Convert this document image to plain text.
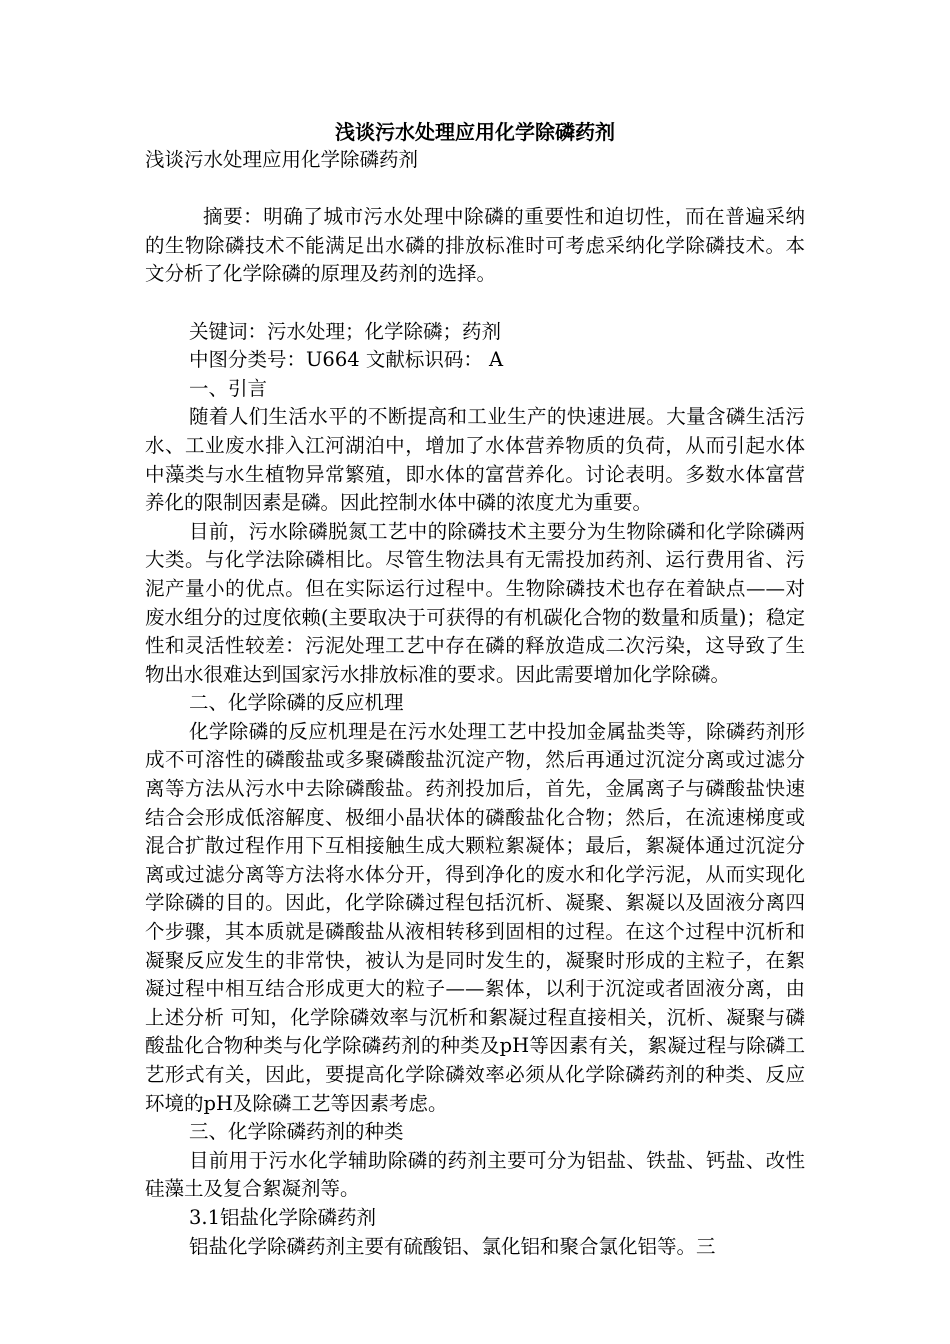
浅谈污水处理应用化学除磷药剂

浅谈污水处理应用化学除磷药剂

摘要：明确了城市污水处理中除磷的重要性和迫切性，而在普遍采纳的生物除磷技术不能满足出水磷的排放标准时可考虑采纳化学除磷技术。本文分析了化学除磷的原理及药剂的选择。

关键词：污水处理；化学除磷；药剂

中图分类号：U664 文献标识码： A

一、引言

随着人们生活水平的不断提高和工业生产的快速进展。大量含磷生活污水、工业废水排入江河湖泊中，增加了水体营养物质的负荷，从而引起水体中藻类与水生植物异常繁殖，即水体的富营养化。讨论表明。多数水体富营养化的限制因素是磷。因此控制水体中磷的浓度尤为重要。

目前，污水除磷脱氮工艺中的除磷技术主要分为生物除磷和化学除磷两大类。与化学法除磷相比。尽管生物法具有无需投加药剂、运行费用省、污泥产量小的优点。但在实际运行过程中。生物除磷技术也存在着缺点——对废水组分的过度依赖(主要取决于可获得的有机碳化合物的数量和质量)；稳定性和灵活性较差：污泥处理工艺中存在磷的释放造成二次污染，这导致了生物出水很难达到国家污水排放标准的要求。因此需要增加化学除磷。

二、化学除磷的反应机理

化学除磷的反应机理是在污水处理工艺中投加金属盐类等，除磷药剂形成不可溶性的磷酸盐或多聚磷酸盐沉淀产物，然后再通过沉淀分离或过滤分离等方法从污水中去除磷酸盐。药剂投加后，首先，金属离子与磷酸盐快速结合会形成低溶解度、极细小晶状体的磷酸盐化合物；然后，在流速梯度或混合扩散过程作用下互相接触生成大颗粒絮凝体；最后，絮凝体通过沉淀分离或过滤分离等方法将水体分开，得到净化的废水和化学污泥，从而实现化学除磷的目的。因此，化学除磷过程包括沉析、凝聚、絮凝以及固液分离四个步骤，其本质就是磷酸盐从液相转移到固相的过程。在这个过程中沉析和凝聚反应发生的非常快，被认为是同时发生的，凝聚时形成的主粒子，在絮凝过程中相互结合形成更大的粒子——絮体，以利于沉淀或者固液分离，由上述分析 可知，化学除磷效率与沉析和絮凝过程直接相关，沉析、凝聚与磷酸盐化合物种类与化学除磷药剂的种类及pH等因素有关，絮凝过程与除磷工艺形式有关，因此，要提高化学除磷效率必须从化学除磷药剂的种类、反应环境的pH及除磷工艺等因素考虑。

三、化学除磷药剂的种类

目前用于污水化学辅助除磷的药剂主要可分为铝盐、铁盐、钙盐、改性硅藻土及复合絮凝剂等。

3.1铝盐化学除磷药剂

铝盐化学除磷药剂主要有硫酸铝、氯化铝和聚合氯化铝等。三
